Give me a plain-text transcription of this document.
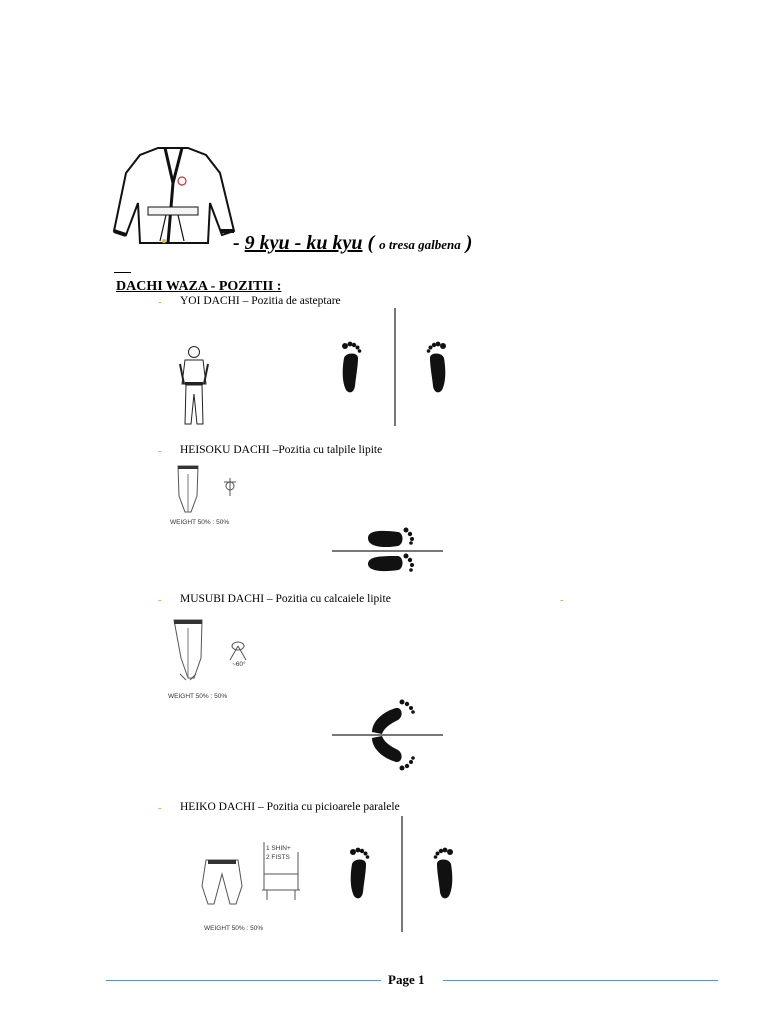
- 9 kyu - ku kyu ( o tresa galbena )
DACHI WAZA - POZITII :
- YOI DACHI – Pozitia de asteptare
- HEISOKU DACHI –Pozitia cu talpile lipite
WEIGHT 50% : 50%
- MUSUBI DACHI – Pozitia cu calcaiele lipite	-
~60°
WEIGHT 50% : 50%
- HEIKO DACHI – Pozitia cu picioarele paralele
1 SHIN+
2 FISTS
WEIGHT 50% : 50%
Page 1
